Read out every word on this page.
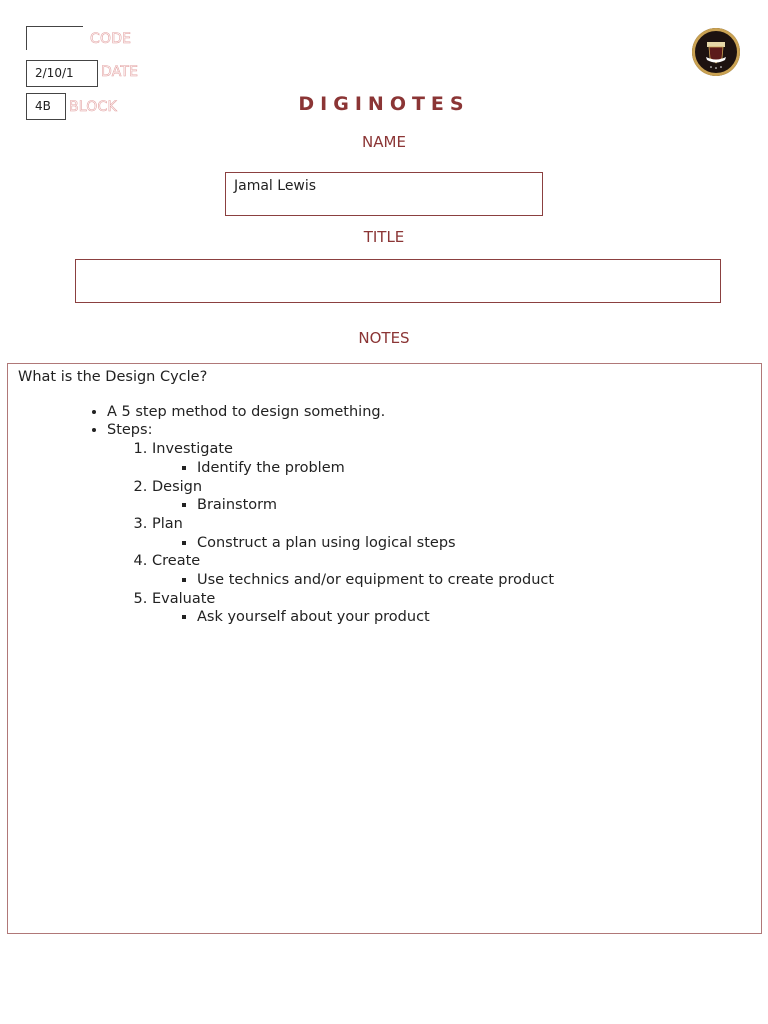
CODE
2/10/1	DATE
4B	BLOCK	DIGINOTES
NAME
Jamal Lewis
TITLE
NOTES
What is the Design Cycle?
• A 5 step method to design something.
• Steps:
1. Investigate
▪ Identify the problem
2. Design
▪ Brainstorm
3. Plan
▪ Construct a plan using logical steps
4. Create
▪ Use technics and/or equipment to create product
5. Evaluate
▪ Ask yourself about your product
